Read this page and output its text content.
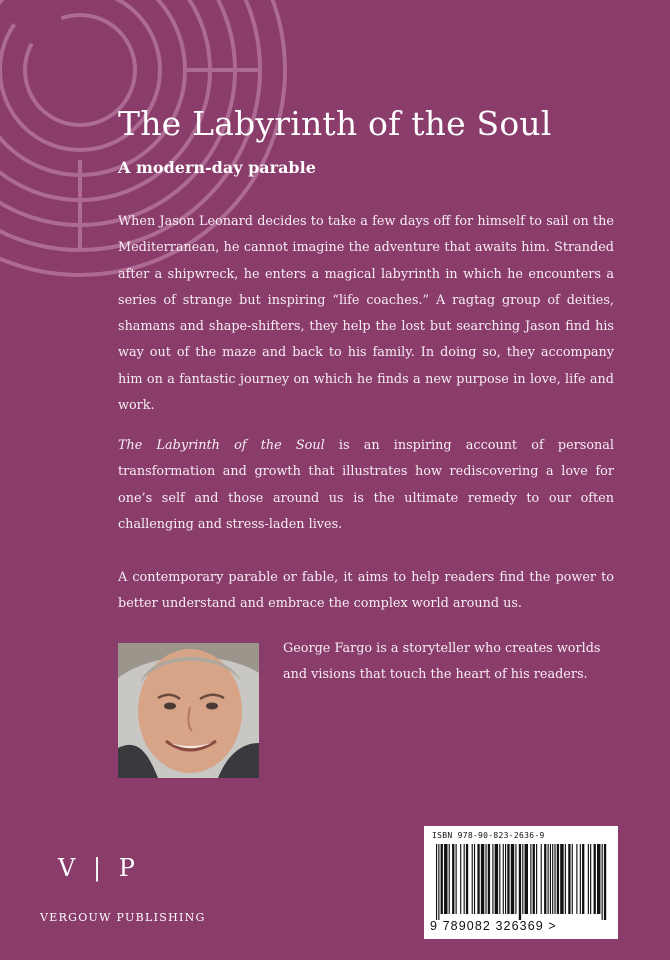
The Labyrinth of the Soul
A modern-day parable

When Jason Leonard decides to take a few days off for himself to sail on the Mediterranean, he cannot imagine the adventure that awaits him. Stranded after a shipwreck, he enters a magical labyrinth in which he encounters a series of strange but inspiring “life coaches.” A ragtag group of deities, shamans and shape-shifters, they help the lost but searching Jason find his way out of the maze and back to his family. In doing so, they accompany him on a fantastic journey on which he finds a new purpose in love, life and work.

The Labyrinth of the Soul is an inspiring account of personal transformation and growth that illustrates how rediscovering a love for one’s self and those around us is the ultimate remedy to our often challenging and stress-laden lives.

A contemporary parable or fable, it aims to help readers find the power to better understand and embrace the complex world around us.

George Fargo is a storyteller who creates worlds and visions that touch the heart of his readers.

V | P

VERGOUW PUBLISHING

ISBN 978-90-823-2636-9

9 789082 326369 >
